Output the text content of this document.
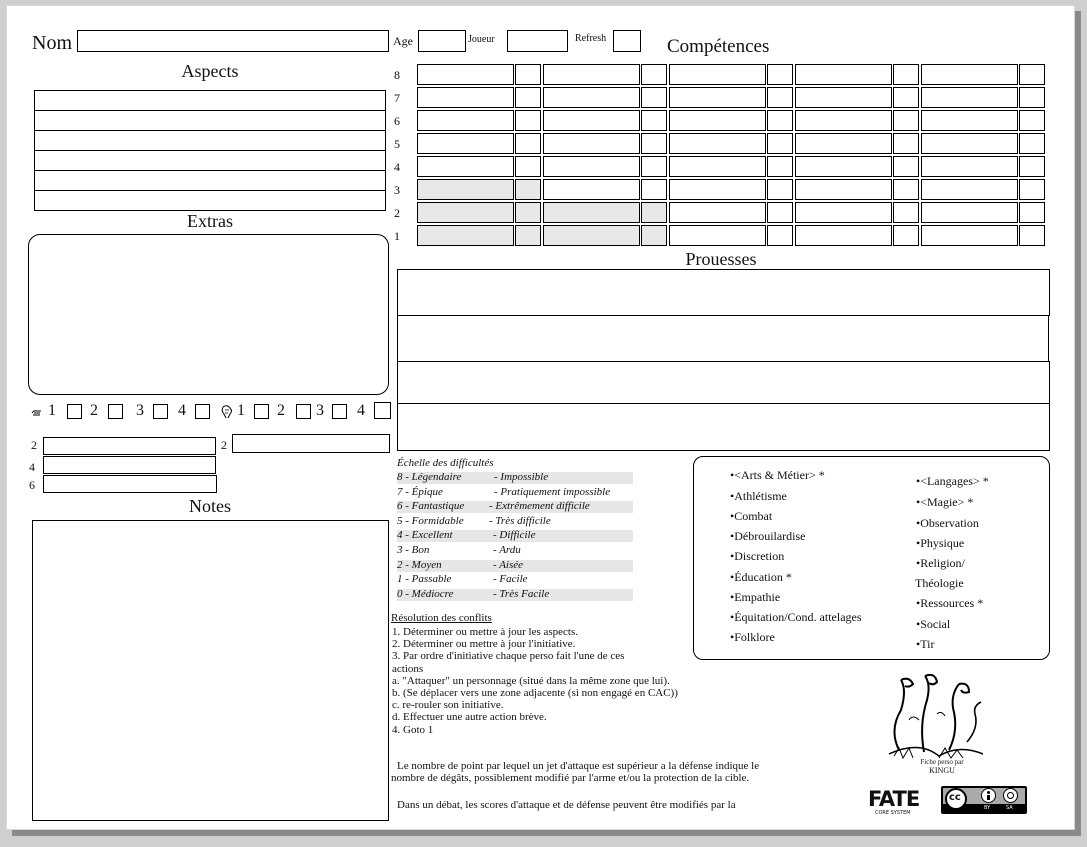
Nom	Age	Joueur	Refresh	Compétences
Aspects
Extras
1 2 3 4	1 2 3 4
2	2
4
6
Notes
8
7
6
5
4
3
2
1
Prouesses
Échelle des difficultés
8 - Légendaire	- Impossible
7 - Épique	- Pratiquement impossible
6 - Fantastique - Extrêmement difficile
5 - Formidable - Très difficile
4 - Excellent	- Difficile
3 - Bon	- Ardu
2 - Moyen	- Aisée
1 - Passable	- Facile
0 - Médiocre	- Très Facile
Résolution des conflits
1. Déterminer ou mettre à jour les aspects.
2. Déterminer ou mettre à jour l'initiative.
3. Par ordre d'initiative chaque perso fait l'une de ces
actions
a. "Attaquer" un personnage (situé dans la même zone que lui).
b. (Se déplacer vers une zone adjacente (si non engagé en CAC))
c. re-rouler son initiative.
d. Effectuer une autre action brève.
4. Goto 1
Le nombre de point par lequel un jet d'attaque est supérieur a la défense indique le
nombre de dégâts, possiblement modifié par l'arme et/ou la protection de la cible.
Dans un débat, les scores d'attaque et de défense peuvent être modifiés par la
•<Arts & Métier> *
•Athlétisme
•Combat
•Débrouilardise
•Discretion
•Éducation *
•Empathie
•Équitation/Cond. attelages
•Folklore
•<Langages> *
•<Magie> *
•Observation
•Physique
•Religion/
Théologie
•Ressources *
•Social
•Tir
Fiche perso par
KINGU
FATE
CORE SYSTEM
cc
BY	SA
